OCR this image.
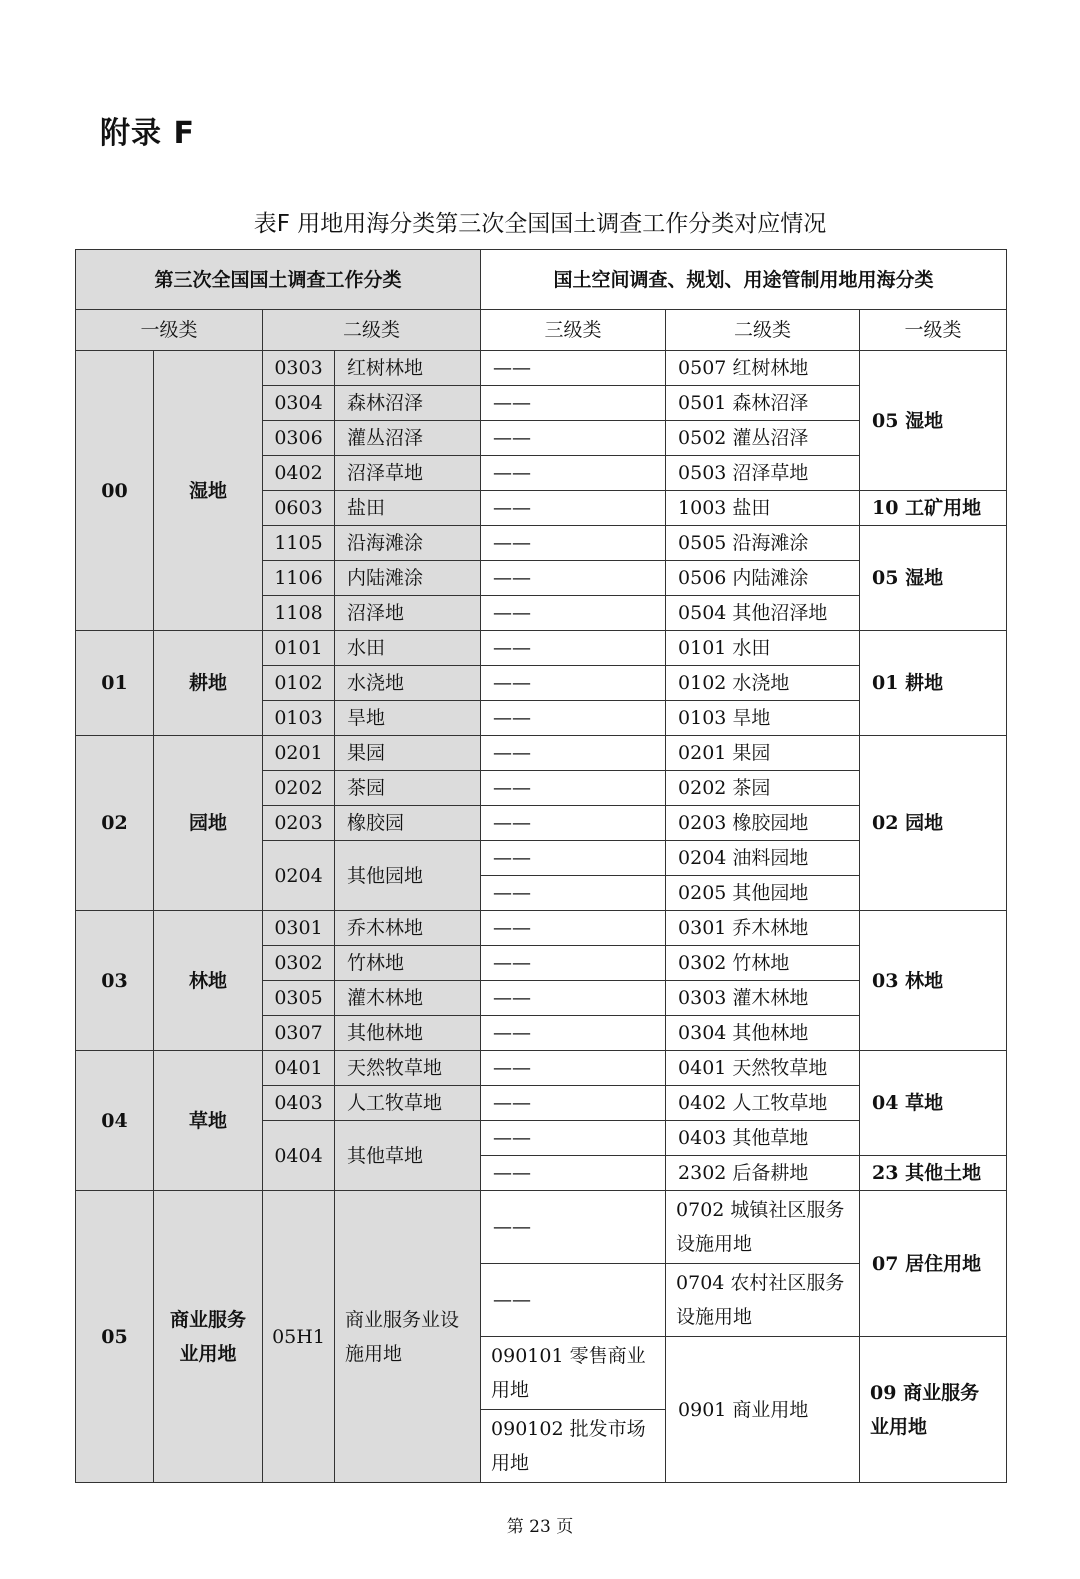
附录 F
表F 用地用海分类第三次全国国土调查工作分类对应情况
第三次全国国土调查工作分类				国土空间调查、规划、用途管制用地用海分类		
一级类		二级类		三级类	二级类	一级类
00	湿地	0303	红树林地	——	0507 红树林地	05 湿地
		0304	森林沼泽	——	0501 森林沼泽	
		0306	灌丛沼泽	——	0502 灌丛沼泽	
		0402	沼泽草地	——	0503 沼泽草地	
		0603	盐田	——	1003 盐田	10 工矿用地
		1105	沿海滩涂	——	0505 沿海滩涂	05 湿地
		1106	内陆滩涂	——	0506 内陆滩涂	
		1108	沼泽地	——	0504 其他沼泽地	
01	耕地	0101	水田	——	0101 水田	01 耕地
		0102	水浇地	——	0102 水浇地	
		0103	旱地	——	0103 旱地	
02	园地	0201	果园	——	0201 果园	02 园地
		0202	茶园	——	0202 茶园	
		0203	橡胶园	——	0203 橡胶园地	
		0204	其他园地	——	0204 油料园地	
				——	0205 其他园地	
03	林地	0301	乔木林地	——	0301 乔木林地	03 林地
		0302	竹林地	——	0302 竹林地	
		0305	灌木林地	——	0303 灌木林地	
		0307	其他林地	——	0304 其他林地	
04	草地	0401	天然牧草地	——	0401 天然牧草地	04 草地
		0403	人工牧草地	——	0402 人工牧草地	
		0404	其他草地	——	0403 其他草地	
				——	2302 后备耕地	23 其他土地
05	商业服务业用地	05H1	商业服务业设施用地	——	0702 城镇社区服务设施用地	07 居住用地
				——	0704 农村社区服务设施用地	
				090101 零售商业用地	0901 商业用地	09 商业服务业用地
				090102 批发市场用地		
第 23 页
